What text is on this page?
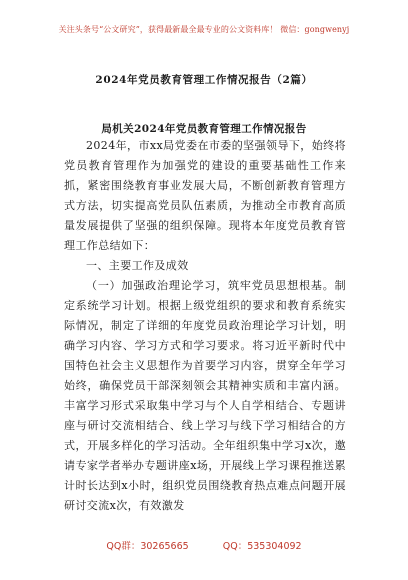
关注头条号“公文研究”，获得最新最全最专业的公文资料库！ 微信：gongwenyj
2024年党员教育管理工作情况报告（2篇）
局机关2024年党员教育管理工作情况报告

2024年，市xx局党委在市委的坚强领导下，始终将党员教育管理作为加强党的建设的重要基础性工作来抓，紧密围绕教育事业发展大局，不断创新教育管理方式方法，切实提高党员队伍素质，为推动全市教育高质量发展提供了坚强的组织保障。现将本年度党员教育管理工作总结如下：

一、主要工作及成效

（一）加强政治理论学习，筑牢党员思想根基。制定系统学习计划。根据上级党组织的要求和教育系统实际情况，制定了详细的年度党员政治理论学习计划，明确学习内容、学习方式和学习要求。将习近平新时代中国特色社会主义思想作为首要学习内容，贯穿全年学习始终，确保党员干部深刻领会其精神实质和丰富内涵。丰富学习形式采取集中学习与个人自学相结合、专题讲座与研讨交流相结合、线上学习与线下学习相结合的方式，开展多样化的学习活动。全年组织集中学习x次，邀请专家学者举办专题讲座x场，开展线上学习课程推送累计时长达到x小时，组织党员围绕教育热点难点问题开展研讨交流x次，有效激发

QQ群：30265665	QQ：535304092
